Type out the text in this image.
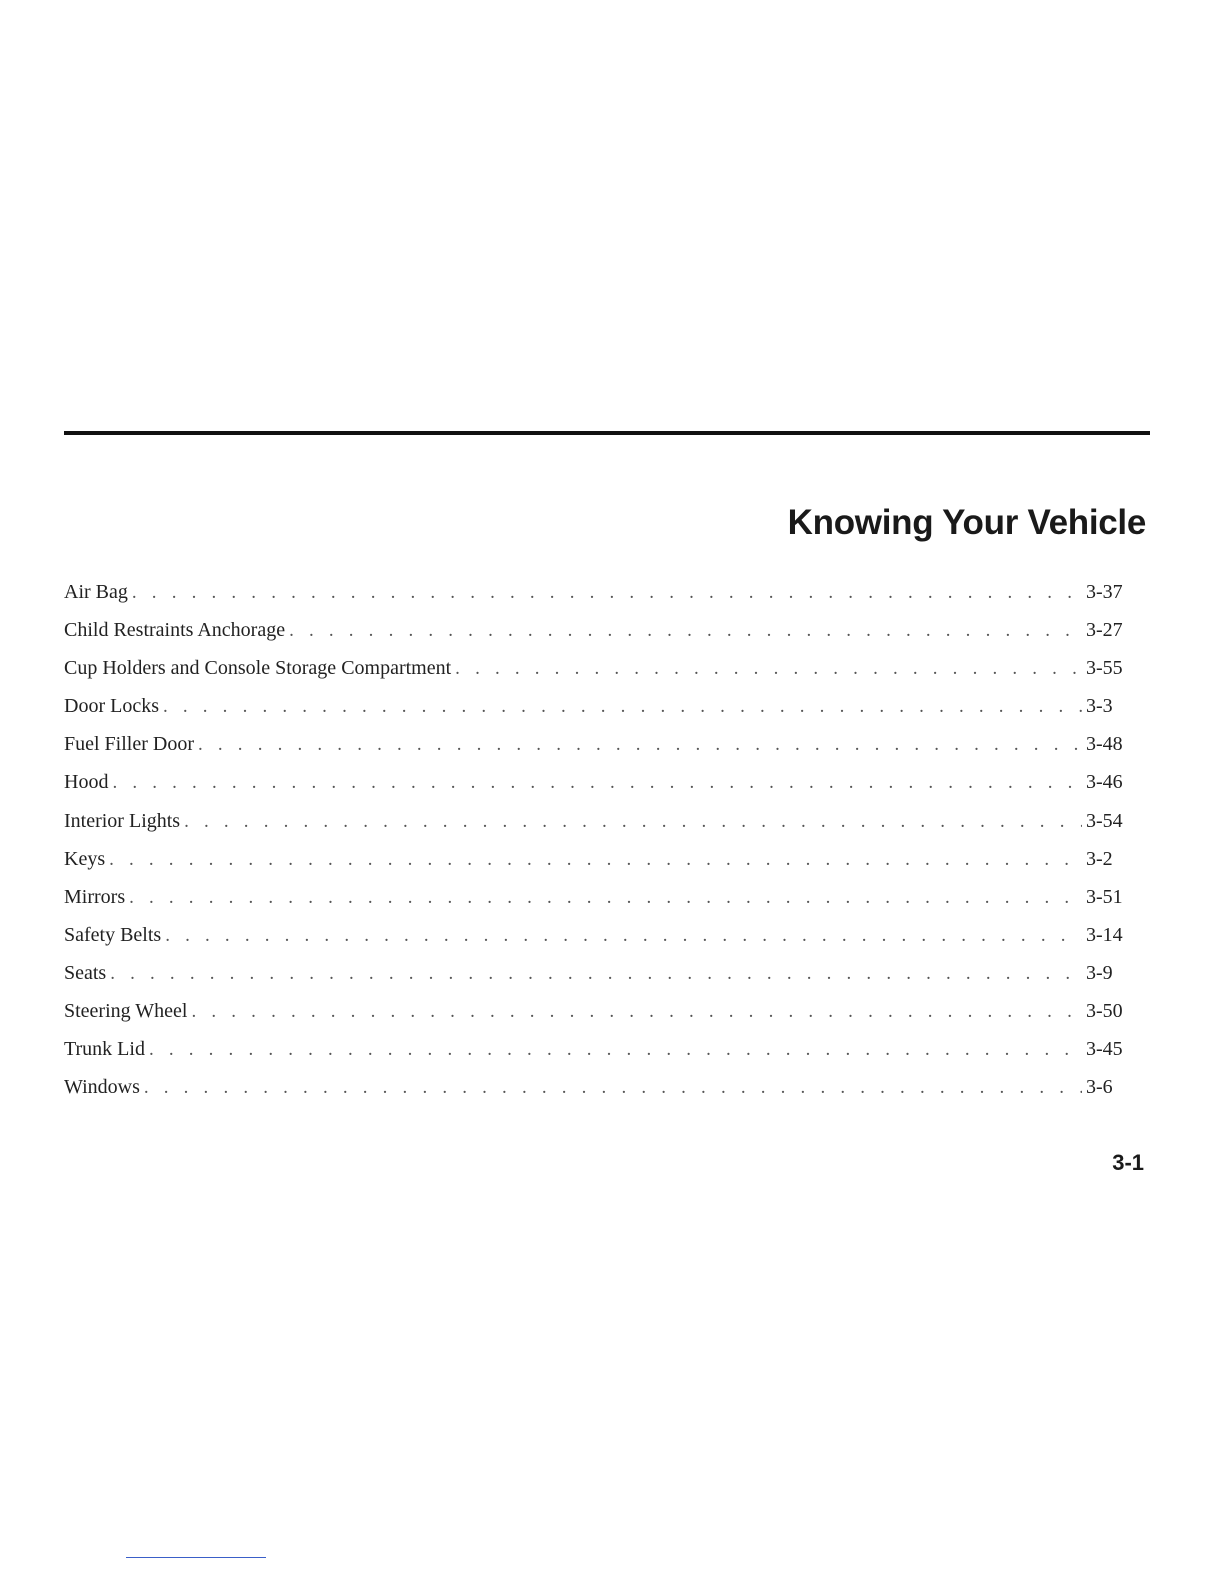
Knowing Your Vehicle
Air Bag . . .	3-37
Child Restraints Anchorage . . .	3-27
Cup Holders and Console Storage Compartment . . .	3-55
Door Locks . . .	3-3
Fuel Filler Door . . .	3-48
Hood . . .	3-46
Interior Lights . . .	3-54
Keys . . .	3-2
Mirrors . . .	3-51
Safety Belts . . .	3-14
Seats . . .	3-9
Steering Wheel . . .	3-50
Trunk Lid . . .	3-45
Windows . . .	3-6

3-1
